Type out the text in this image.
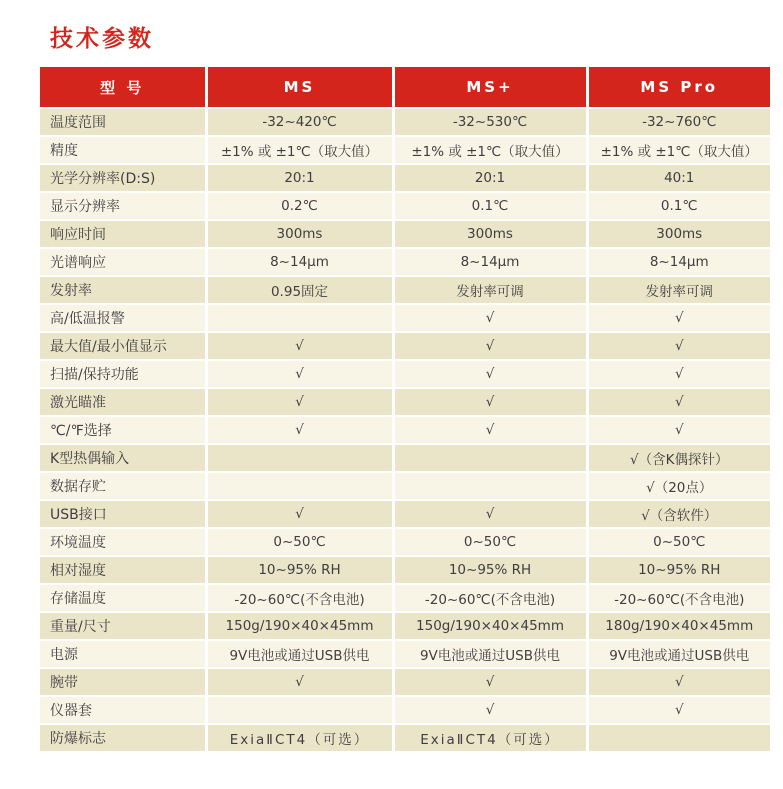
技术参数
型 号	MS	MS+	MS Pro
温度范围	-32~420℃	-32~530℃	-32~760℃
精度	±1% 或 ±1℃（取大值）	±1% 或 ±1℃（取大值）	±1% 或 ±1℃（取大值）
光学分辨率(D:S)	20:1	20:1	40:1
显示分辨率	0.2℃	0.1℃	0.1℃
响应时间	300ms	300ms	300ms
光谱响应	8~14μm	8~14μm	8~14μm
发射率	0.95固定	发射率可调	发射率可调
高/低温报警		√	√
最大值/最小值显示	√	√	√
扫描/保持功能	√	√	√
激光瞄准	√	√	√
℃/℉选择	√	√	√
K型热偶输入			√（含K偶探针）
数据存贮			√（20点）
USB接口	√	√	√（含软件）
环境温度	0~50℃	0~50℃	0~50℃
相对湿度	10~95% RH	10~95% RH	10~95% RH
存储温度	-20~60℃(不含电池)	-20~60℃(不含电池)	-20~60℃(不含电池)
重量/尺寸	150g/190×40×45mm	150g/190×40×45mm	180g/190×40×45mm
电源	9V电池或通过USB供电	9V电池或通过USB供电	9V电池或通过USB供电
腕带	√	√	√
仪器套		√	√
防爆标志	ExiaⅡCT4（可选）	ExiaⅡCT4（可选）	
